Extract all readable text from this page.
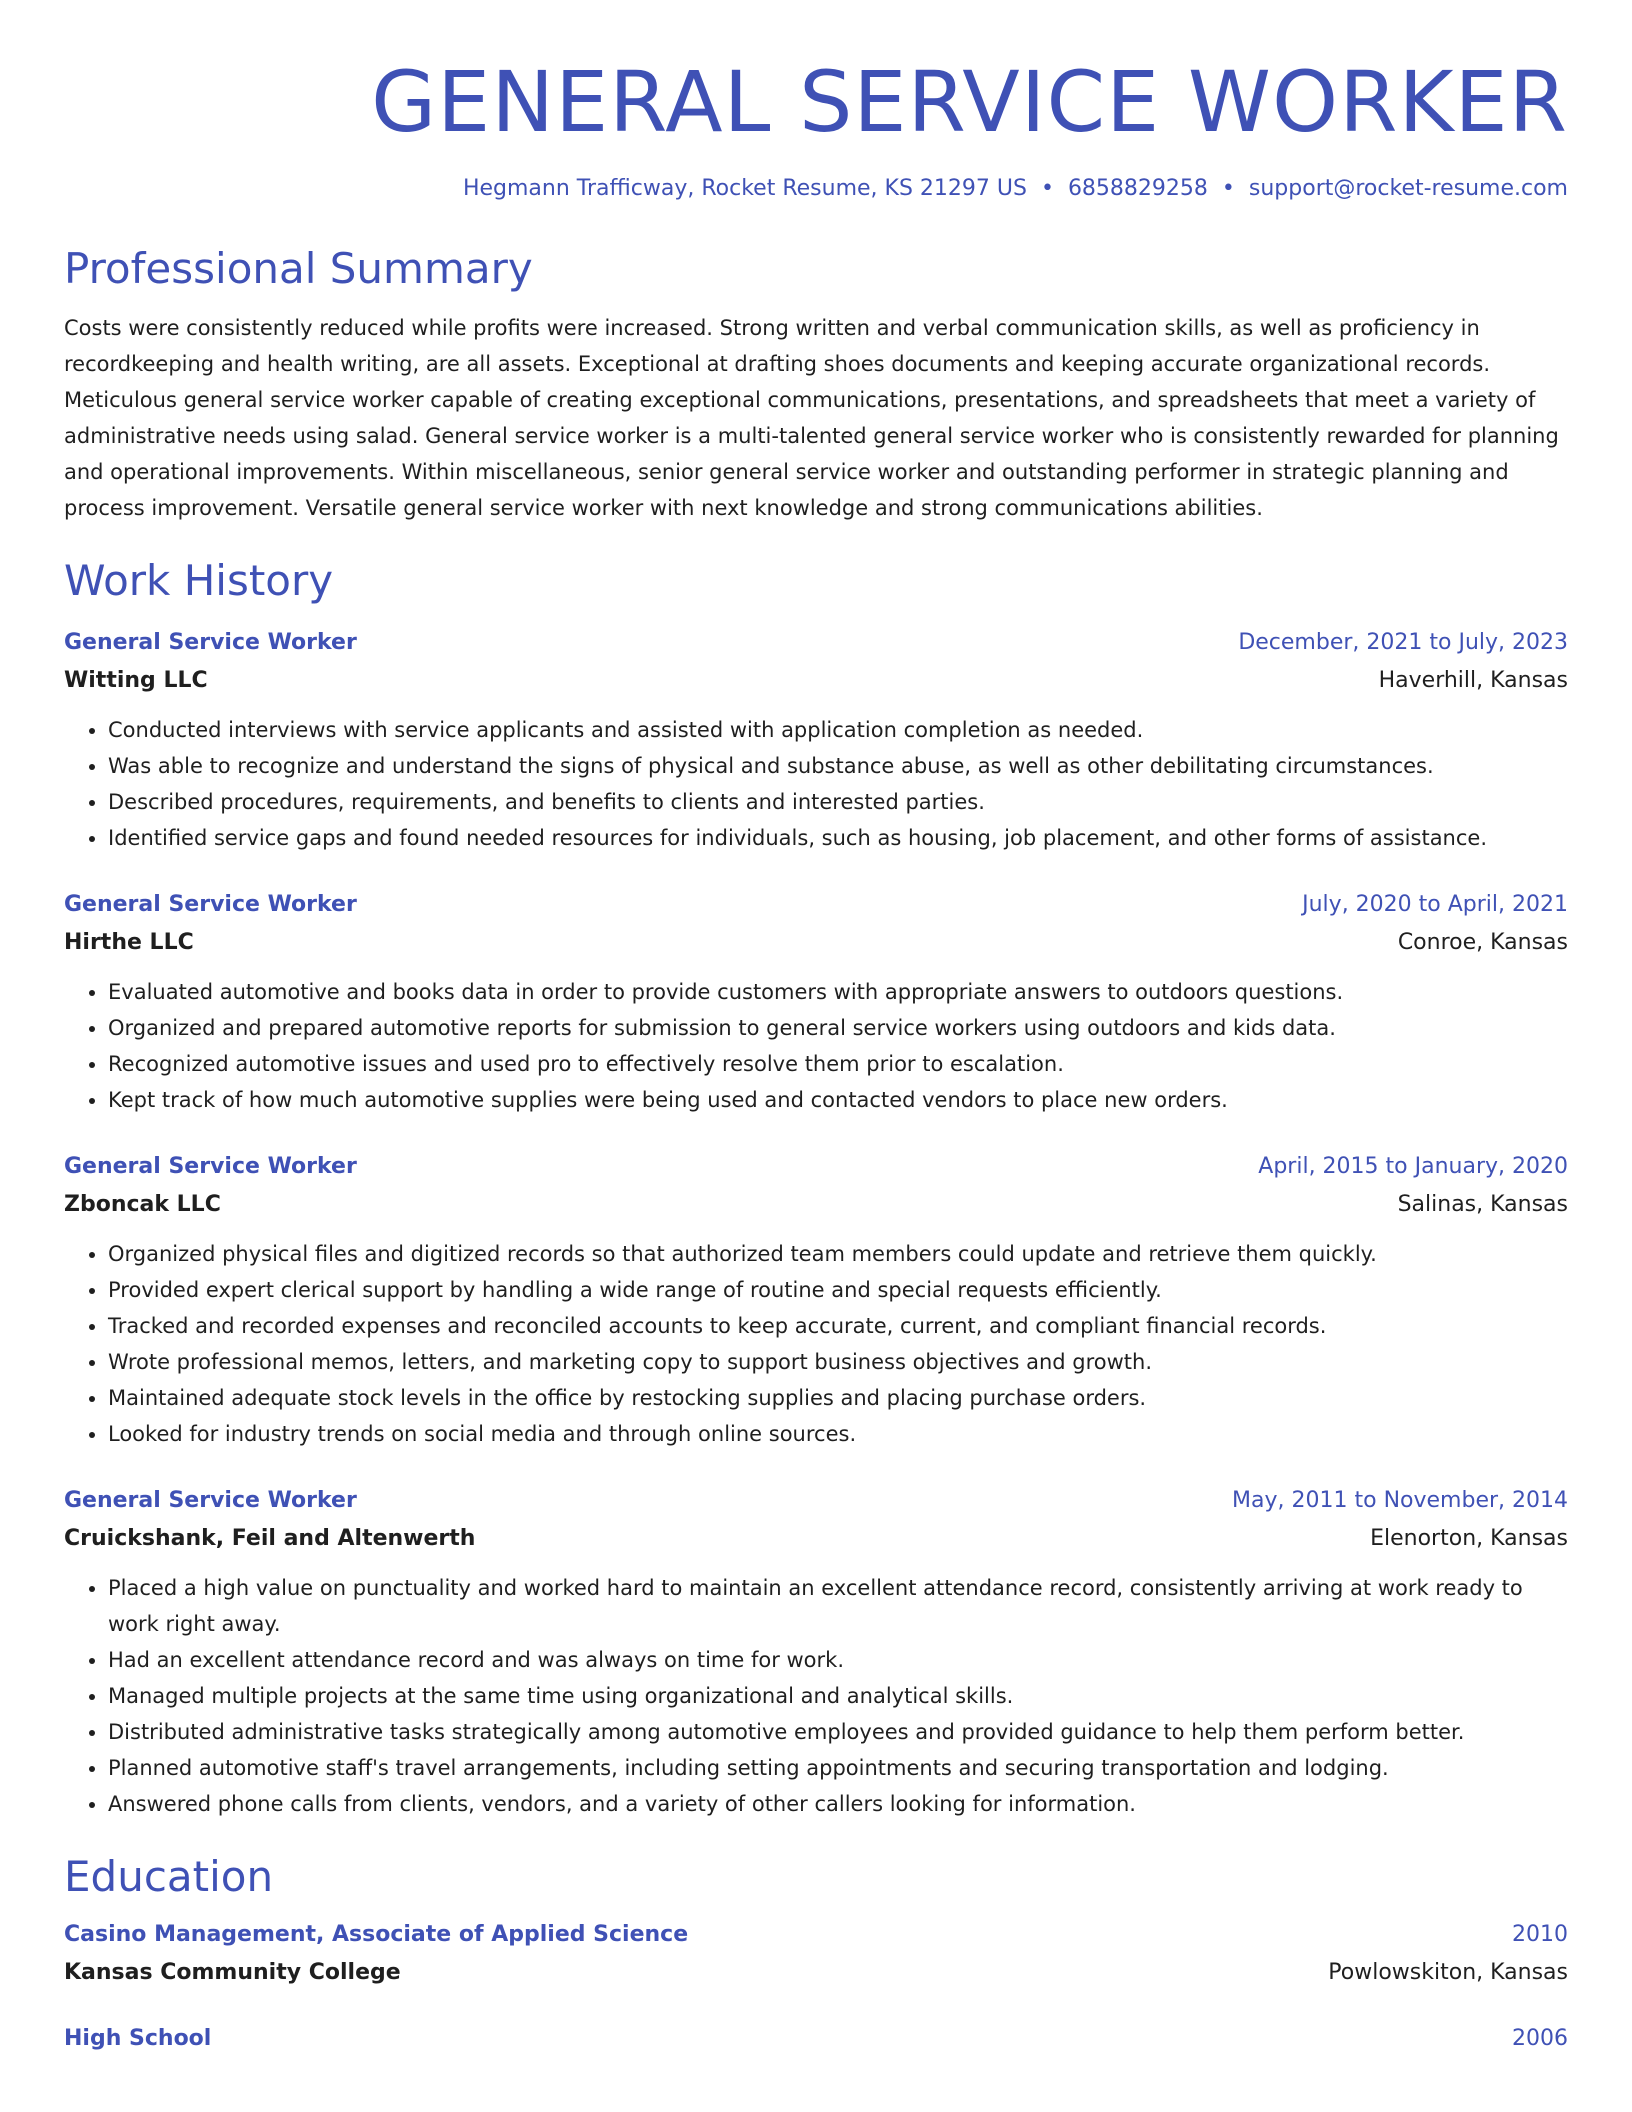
GENERAL SERVICE WORKER
Hegmann Trafficway, Rocket Resume, KS 21297 US • 6858829258 • support@rocket-resume.com
Professional Summary

Costs were consistently reduced while profits were increased. Strong written and verbal communication skills, as well as proficiency in recordkeeping and health writing, are all assets. Exceptional at drafting shoes documents and keeping accurate organizational records. Meticulous general service worker capable of creating exceptional communications, presentations, and spreadsheets that meet a variety of administrative needs using salad. General service worker is a multi-talented general service worker who is consistently rewarded for planning and operational improvements. Within miscellaneous, senior general service worker and outstanding performer in strategic planning and process improvement. Versatile general service worker with next knowledge and strong communications abilities.

Work History
General Service Worker	December, 2021 to July, 2023
Witting LLC	Haverhill, Kansas
• Conducted interviews with service applicants and assisted with application completion as needed.
• Was able to recognize and understand the signs of physical and substance abuse, as well as other debilitating circumstances.
• Described procedures, requirements, and benefits to clients and interested parties.
• Identified service gaps and found needed resources for individuals, such as housing, job placement, and other forms of assistance.
General Service Worker	July, 2020 to April, 2021
Hirthe LLC	Conroe, Kansas
• Evaluated automotive and books data in order to provide customers with appropriate answers to outdoors questions.
• Organized and prepared automotive reports for submission to general service workers using outdoors and kids data.
• Recognized automotive issues and used pro to effectively resolve them prior to escalation.
• Kept track of how much automotive supplies were being used and contacted vendors to place new orders.
General Service Worker	April, 2015 to January, 2020
Zboncak LLC	Salinas, Kansas
• Organized physical files and digitized records so that authorized team members could update and retrieve them quickly.
• Provided expert clerical support by handling a wide range of routine and special requests efficiently.
• Tracked and recorded expenses and reconciled accounts to keep accurate, current, and compliant financial records.
• Wrote professional memos, letters, and marketing copy to support business objectives and growth.
• Maintained adequate stock levels in the office by restocking supplies and placing purchase orders.
• Looked for industry trends on social media and through online sources.
General Service Worker	May, 2011 to November, 2014
Cruickshank, Feil and Altenwerth	Elenorton, Kansas
• Placed a high value on punctuality and worked hard to maintain an excellent attendance record, consistently arriving at work ready to work right away.
• Had an excellent attendance record and was always on time for work.
• Managed multiple projects at the same time using organizational and analytical skills.
• Distributed administrative tasks strategically among automotive employees and provided guidance to help them perform better.
• Planned automotive staff's travel arrangements, including setting appointments and securing transportation and lodging.
• Answered phone calls from clients, vendors, and a variety of other callers looking for information.
Education
Casino Management, Associate of Applied Science	2010
Kansas Community College	Powlowskiton, Kansas
High School	2006
